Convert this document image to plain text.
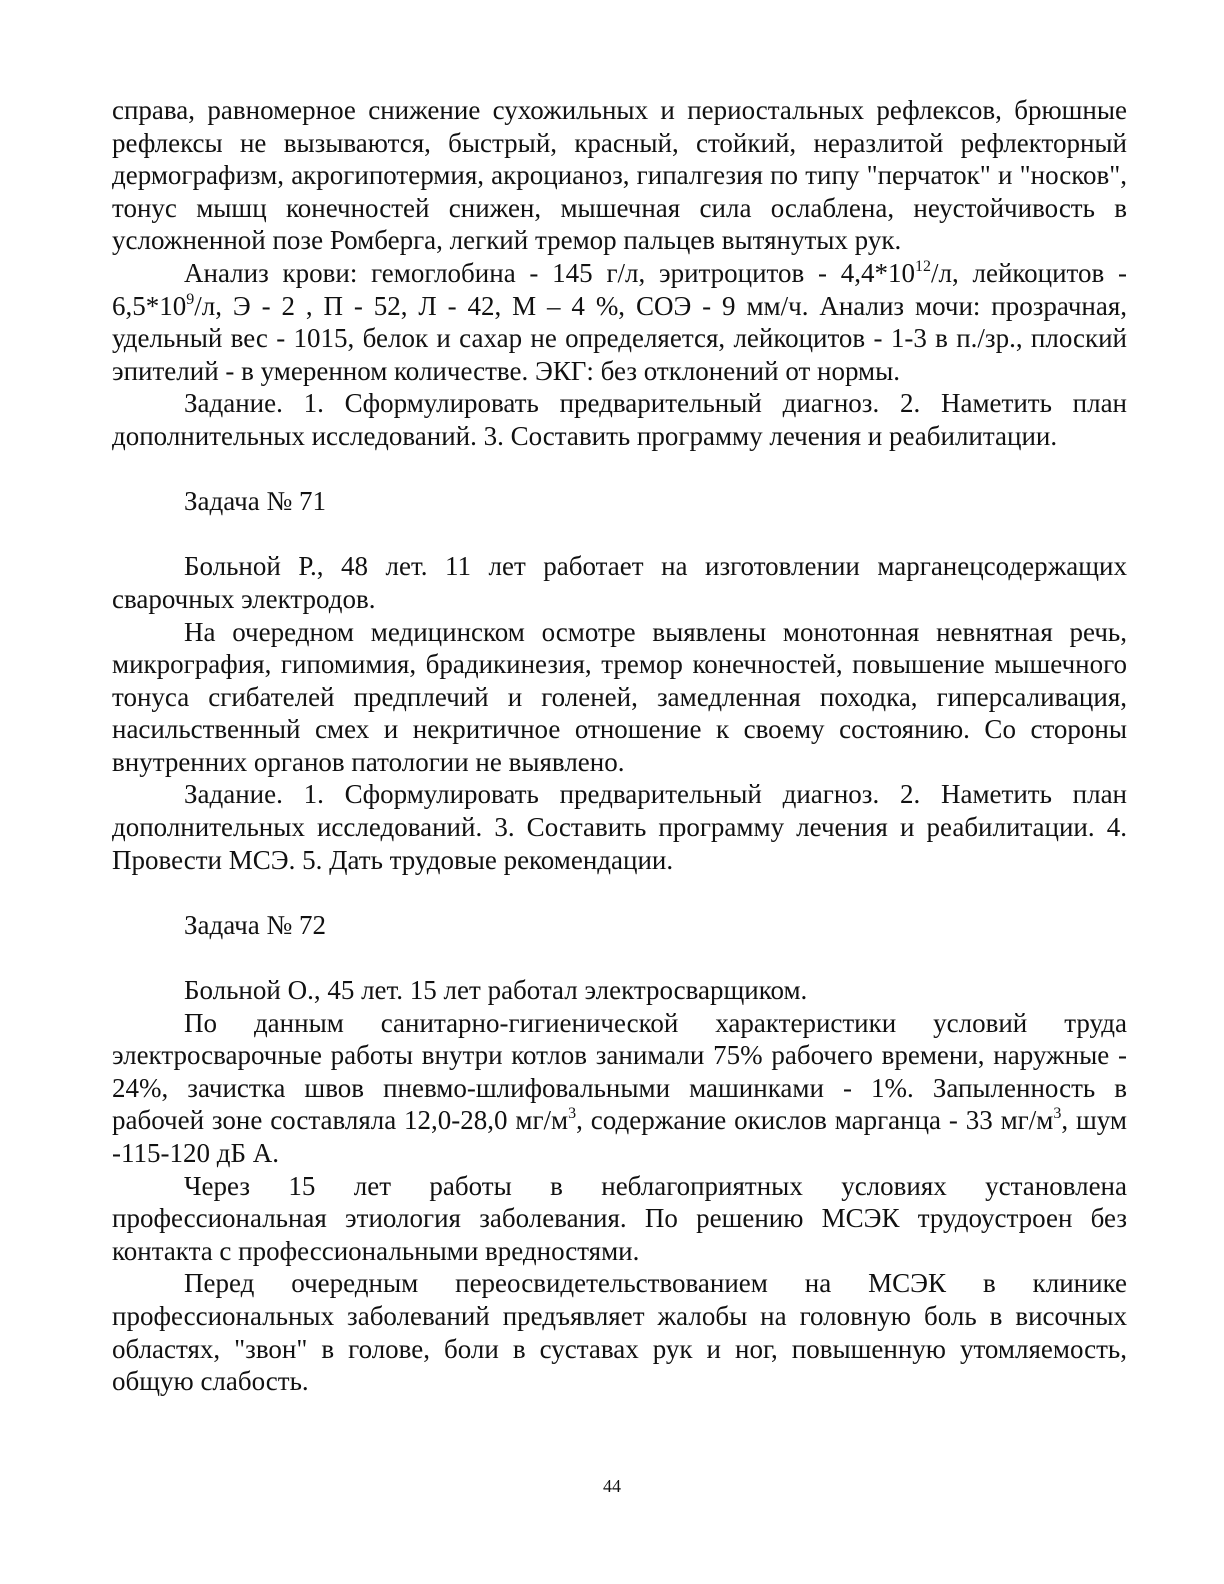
справа, равномерное снижение сухожильных и периостальных рефлексов, брюшные рефлексы не вызываются, быстрый, красный, стойкий, неразлитой рефлекторный дермографизм, акрогипотермия, акроцианоз, гипалгезия по типу "перчаток" и "носков", тонус мышц конечностей снижен, мышечная сила ослаблена, неустойчивость в усложненной позе Ромберга, легкий тремор пальцев вытянутых рук.

Анализ крови: гемоглобина - 145 г/л, эритроцитов - $4,4*10^{12}/л$, лейкоцитов - $6,5*10^9/л$, Э - 2 , П - 52, Л - 42, М – 4 %, СОЭ - 9 мм/ч. Анализ мочи: прозрачная, удельный вес - 1015, белок и сахар не определяется, лейкоцитов - 1-3 в п./зр., плоский эпителий - в умеренном количестве. ЭКГ: без отклонений от нормы.

Задание. 1. Сформулировать предварительный диагноз. 2. Наметить план дополнительных исследований. 3. Составить программу лечения и реабилитации.

Задача № 71

Больной Р., 48 лет. 11 лет работает на изготовлении марганецсодержащих сварочных электродов.

На очередном медицинском осмотре выявлены монотонная невнятная речь, микрография, гипомимия, брадикинезия, тремор конечностей, повышение мышечного тонуса сгибателей предплечий и голеней, замедленная походка, гиперсаливация, насильственный смех и некритичное отношение к своему состоянию. Со стороны внутренних органов патологии не выявлено.

Задание. 1. Сформулировать предварительный диагноз. 2. Наметить план дополнительных исследований. 3. Составить программу лечения и реабилитации. 4. Провести МСЭ. 5. Дать трудовые рекомендации.

Задача № 72

Больной О., 45 лет. 15 лет работал электросварщиком.

По данным санитарно-гигиенической характеристики условий труда электросварочные работы внутри котлов занимали 75% рабочего времени, наружные - 24%, зачистка швов пневмо-шлифовальными машинками - 1%. Запыленность в рабочей зоне составляла 12,0-28,0 $мг/м^3$, содержание окислов марганца - 33 $мг/м^3$, шум -115-120 дБ А.

Через 15 лет работы в неблагоприятных условиях установлена профессиональная этиология заболевания. По решению МСЭК трудоустроен без контакта с профессиональными вредностями.

Перед очередным переосвидетельствованием на МСЭК в клинике профессиональных заболеваний предъявляет жалобы на головную боль в височных областях, "звон" в голове, боли в суставах рук и ног, повышенную утомляемость, общую слабость.

44
